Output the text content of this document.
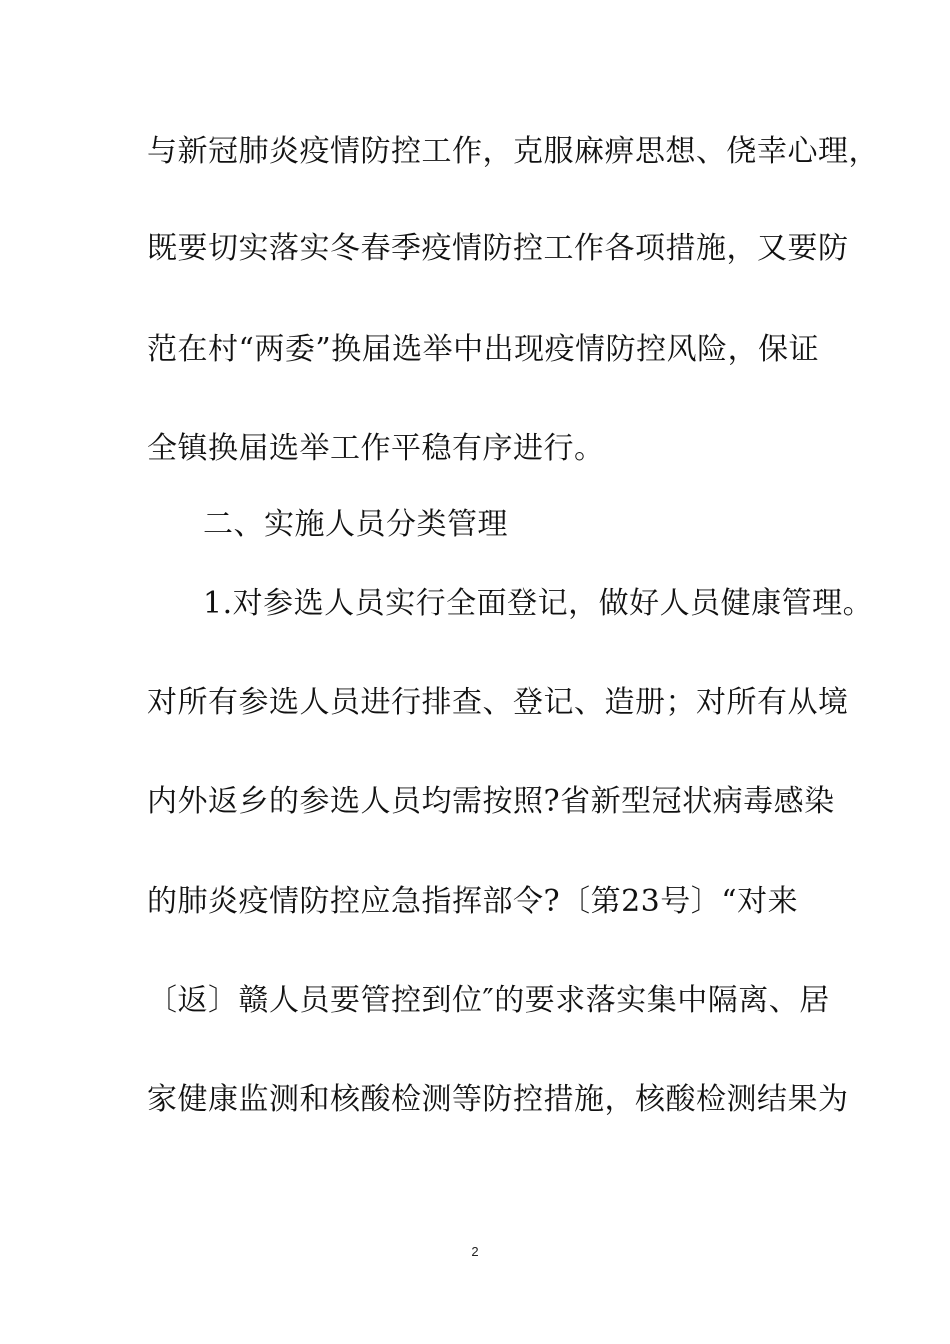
与新冠肺炎疫情防控工作，克服麻痹思想、侥幸心理，
既要切实落实冬春季疫情防控工作各项措施，又要防
范在村“两委”换届选举中出现疫情防控风险，保证
全镇换届选举工作平稳有序进行。
二、实施人员分类管理
1.对参选人员实行全面登记，做好人员健康管理。
对所有参选人员进行排查、登记、造册；对所有从境
内外返乡的参选人员均需按照?省新型冠状病毒感染
的肺炎疫情防控应急指挥部令?〔第23号〕“对来
〔返〕赣人员要管控到位″的要求落实集中隔离、居
家健康监测和核酸检测等防控措施，核酸检测结果为
2
